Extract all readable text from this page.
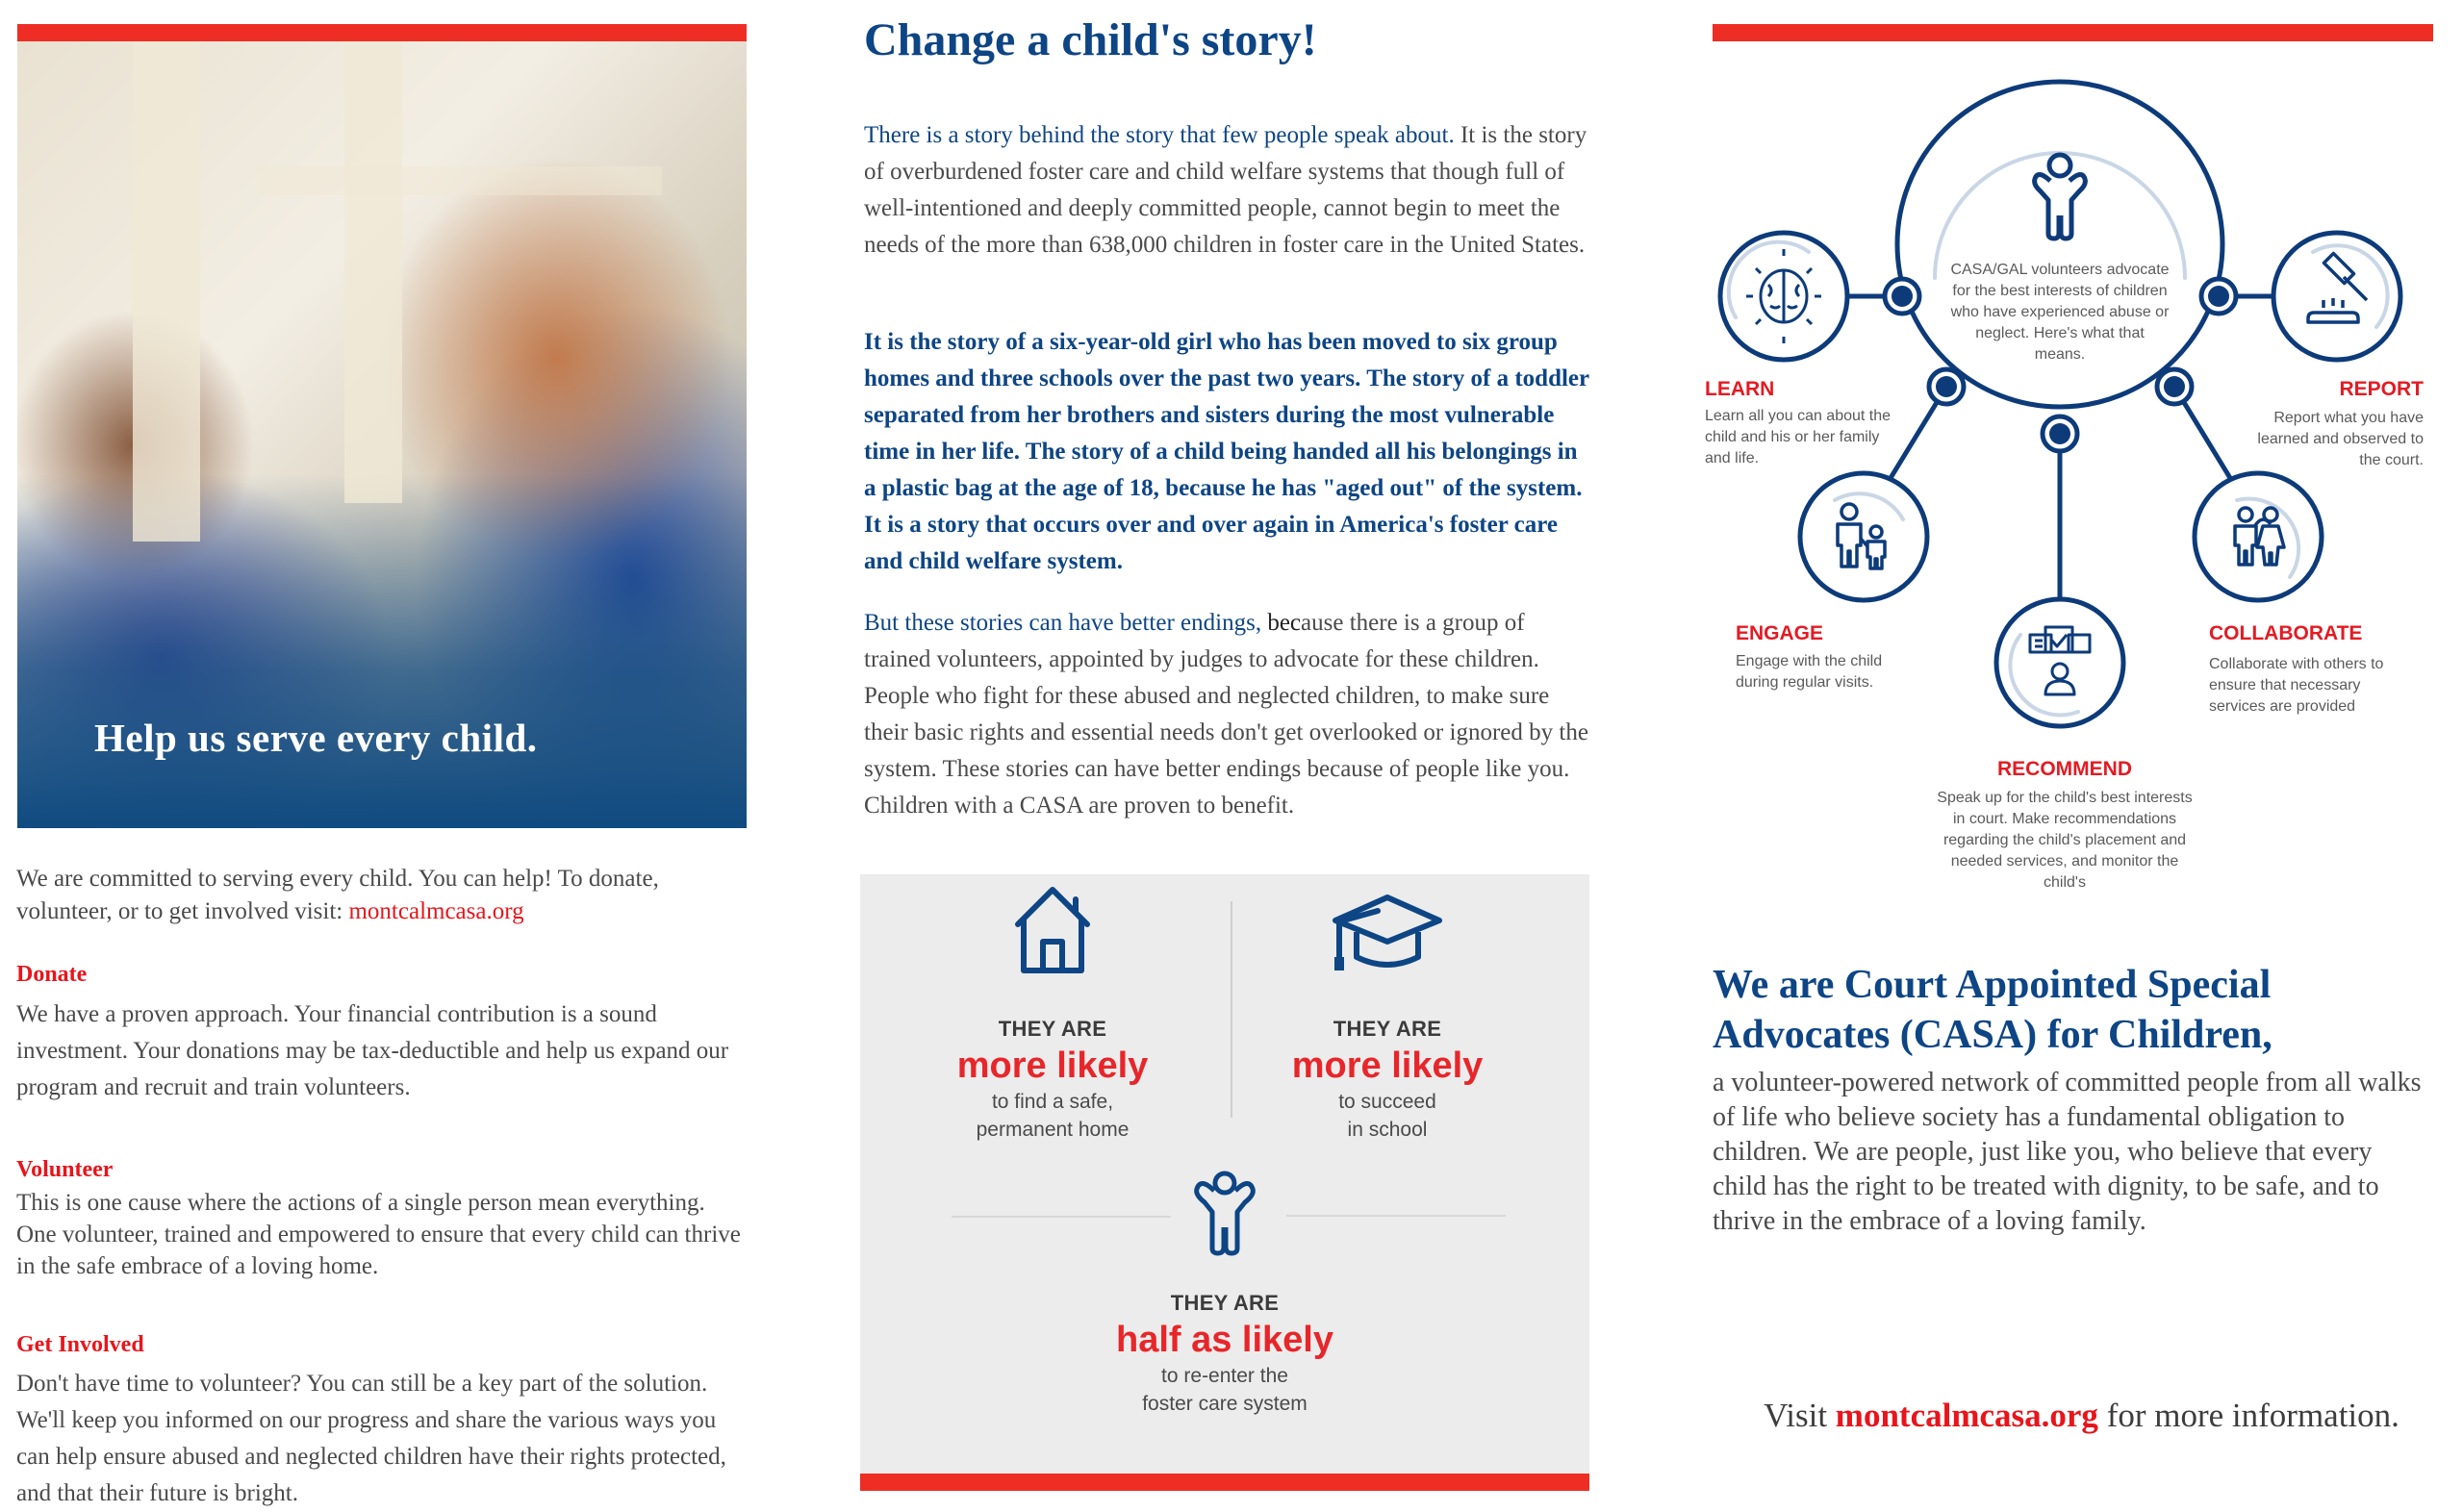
Help us serve every child.
We are committed to serving every child. You can help! To donate, volunteer, or to get involved visit: montcalmcasa.org
Donate
We have a proven approach. Your financial contribution is a sound investment. Your donations may be tax-deductible and help us expand our program and recruit and train volunteers.
Volunteer
This is one cause where the actions of a single person mean everything. One volunteer, trained and empowered to ensure that every child can thrive in the safe embrace of a loving home.
Get Involved
Don't have time to volunteer? You can still be a key part of the solution. We'll keep you informed on our progress and share the various ways you can help ensure abused and neglected children have their rights protected, and that their future is bright.
Change a child's story!
There is a story behind the story that few people speak about. It is the story of overburdened foster care and child welfare systems that though full of well-intentioned and deeply committed people, cannot begin to meet the needs of the more than 638,000 children in foster care in the United States.
It is the story of a six-year-old girl who has been moved to six group homes and three schools over the past two years. The story of a toddler separated from her brothers and sisters during the most vulnerable time in her life. The story of a child being handed all his belongings in a plastic bag at the age of 18, because he has "aged out" of the system. It is a story that occurs over and over again in America's foster care and child welfare system.
But these stories can have better endings, because there is a group of trained volunteers, appointed by judges to advocate for these children. People who fight for these abused and neglected children, to make sure their basic rights and essential needs don't get overlooked or ignored by the system. These stories can have better endings because of people like you. Children with a CASA are proven to benefit.
THEY ARE
more likely
to find a safe,
permanent home
THEY ARE
more likely
to succeed
in school
THEY ARE
half as likely
to re-enter the
foster care system
CASA/GAL volunteers advocate for the best interests of children who have experienced abuse or neglect. Here's what that means.
LEARN
Learn all you can about the child and his or her family and life.
REPORT
Report what you have learned and observed to the court.
ENGAGE
Engage with the child during regular visits.
COLLABORATE
Collaborate with others to ensure that necessary services are provided
RECOMMEND
Speak up for the child's best interests in court. Make recommendations regarding the child's placement and needed services, and monitor the child's
We are Court Appointed Special Advocates (CASA) for Children,
a volunteer-powered network of committed people from all walks of life who believe society has a fundamental obligation to children. We are people, just like you, who believe that every child has the right to be treated with dignity, to be safe, and to thrive in the embrace of a loving family.
Visit montcalmcasa.org for more information.
